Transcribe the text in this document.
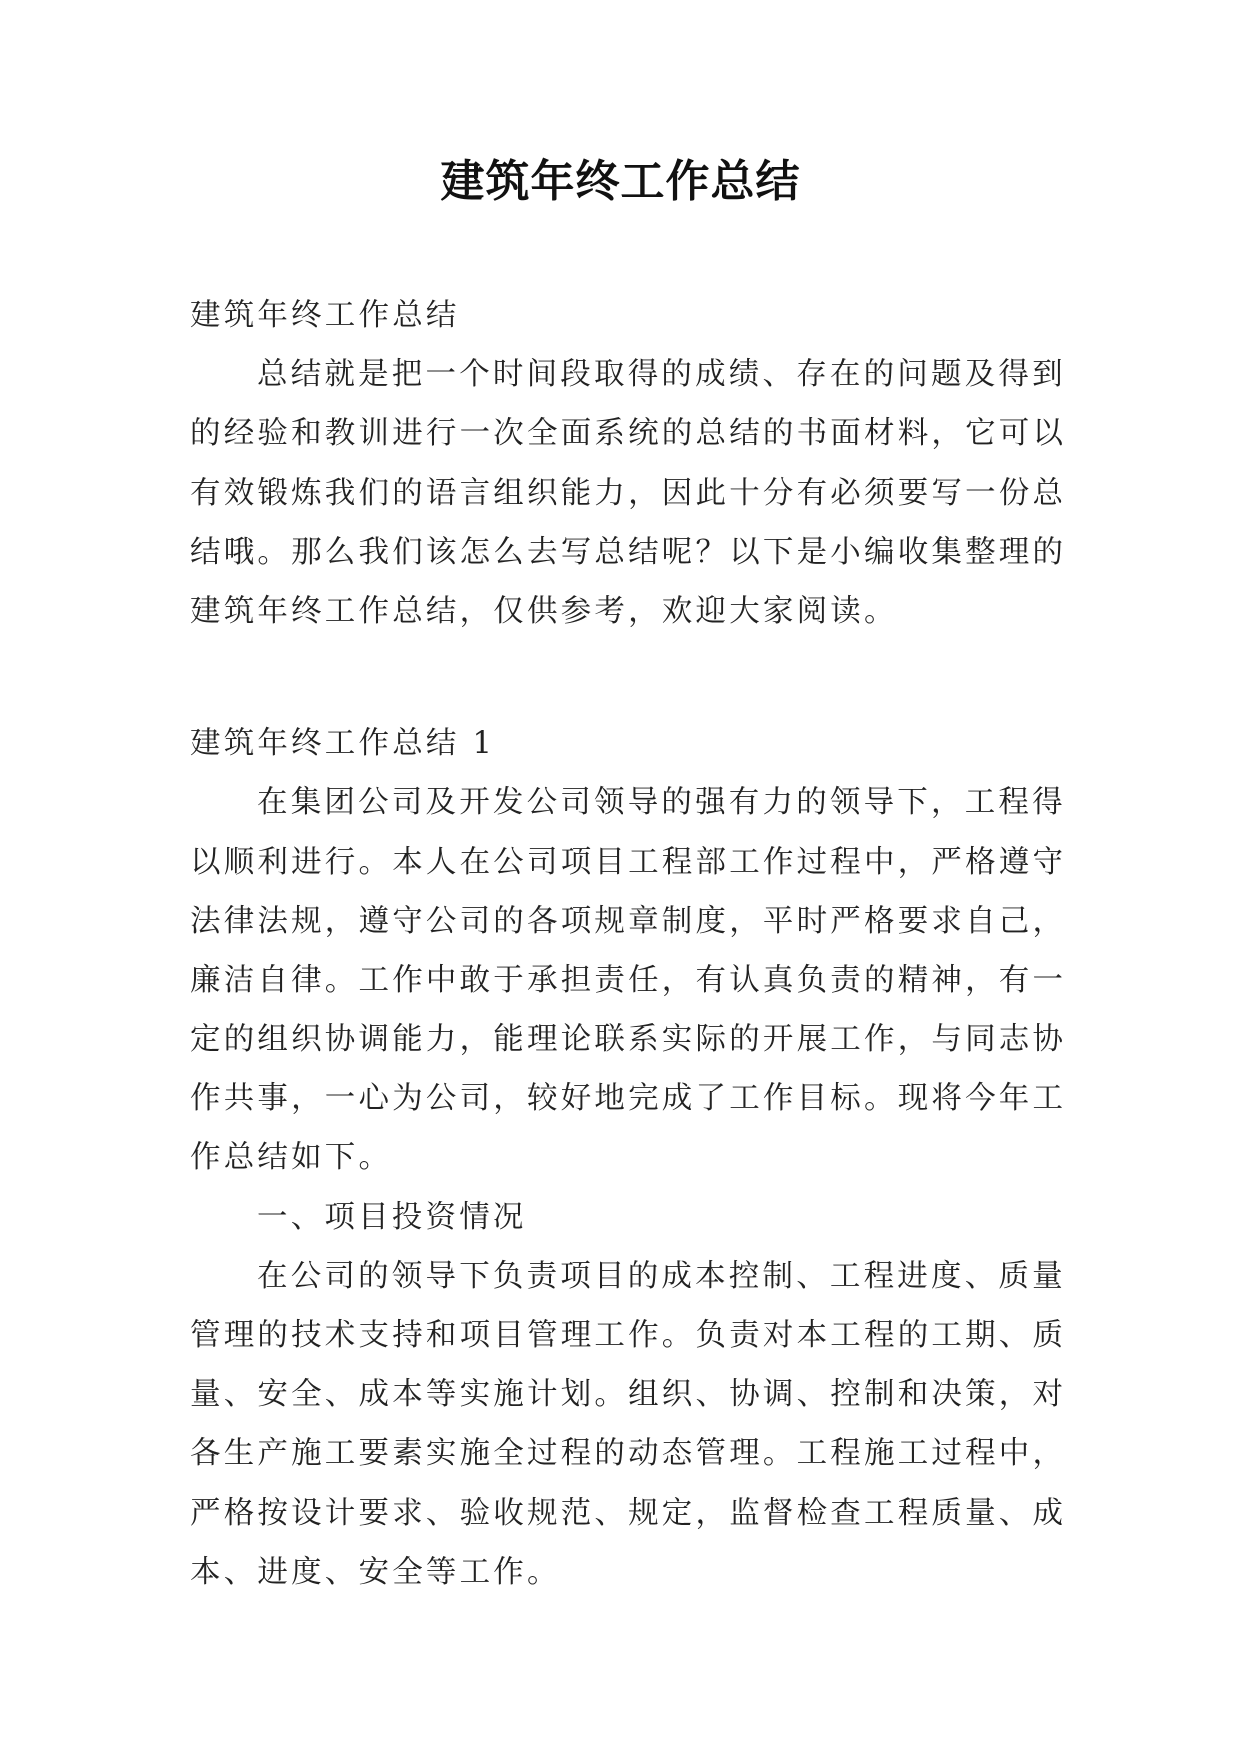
建筑年终工作总结
建筑年终工作总结
总结就是把一个时间段取得的成绩、存在的问题及得到
的经验和教训进行一次全面系统的总结的书面材料，它可以
有效锻炼我们的语言组织能力，因此十分有必须要写一份总
结哦。那么我们该怎么去写总结呢？以下是小编收集整理的
建筑年终工作总结，仅供参考，欢迎大家阅读。
建筑年终工作总结 1
在集团公司及开发公司领导的强有力的领导下，工程得
以顺利进行。本人在公司项目工程部工作过程中，严格遵守
法律法规，遵守公司的各项规章制度，平时严格要求自己，
廉洁自律。工作中敢于承担责任，有认真负责的精神，有一
定的组织协调能力，能理论联系实际的开展工作，与同志协
作共事，一心为公司，较好地完成了工作目标。现将今年工
作总结如下。
一、项目投资情况
在公司的领导下负责项目的成本控制、工程进度、质量
管理的技术支持和项目管理工作。负责对本工程的工期、质
量、安全、成本等实施计划。组织、协调、控制和决策，对
各生产施工要素实施全过程的动态管理。工程施工过程中，
严格按设计要求、验收规范、规定，监督检查工程质量、成
本、进度、安全等工作。
